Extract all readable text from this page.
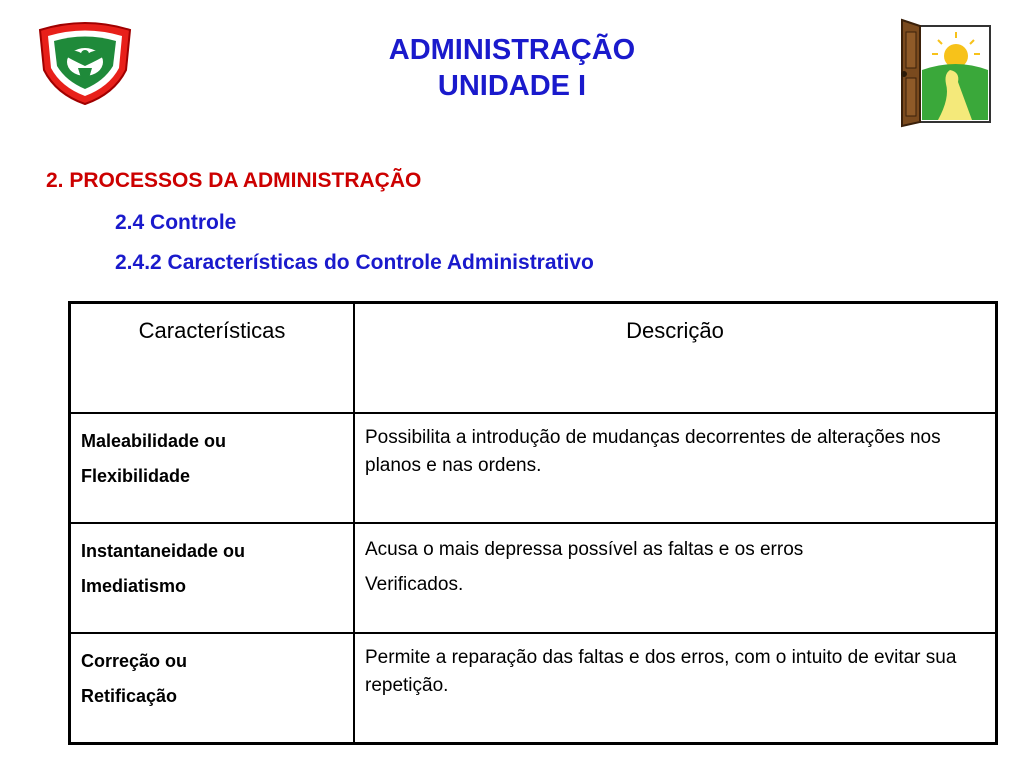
ADMINISTRAÇÃO
UNIDADE I
2. PROCESSOS DA ADMINISTRAÇÃO
2.4 Controle
2.4.2 Características do Controle Administrativo
Características	Descrição

Maleabilidade ou
Flexibilidade	Possibilita a introdução de mudanças decorrentes de alterações nos planos e nas ordens.

Instantaneidade ou
Imediatismo	Acusa o mais depressa possível as faltas e os erros
Verificados.

Correção ou
Retificação	Permite a reparação das faltas e dos erros, com o intuito de evitar sua repetição.
